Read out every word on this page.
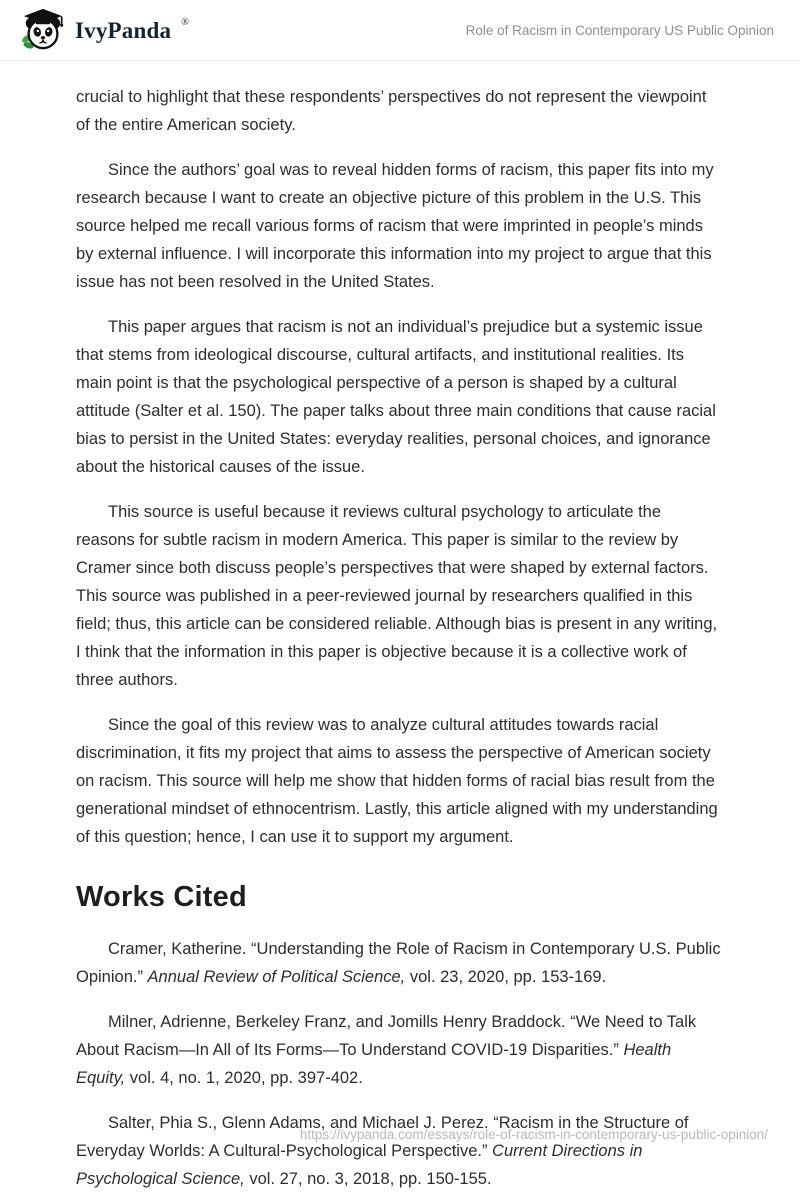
IvyPanda ®
Role of Racism in Contemporary US Public Opinion

crucial to highlight that these respondents’ perspectives do not represent the viewpoint of the entire American society.

Since the authors’ goal was to reveal hidden forms of racism, this paper fits into my research because I want to create an objective picture of this problem in the U.S. This source helped me recall various forms of racism that were imprinted in people’s minds by external influence. I will incorporate this information into my project to argue that this issue has not been resolved in the United States.

This paper argues that racism is not an individual’s prejudice but a systemic issue that stems from ideological discourse, cultural artifacts, and institutional realities. Its main point is that the psychological perspective of a person is shaped by a cultural attitude (Salter et al. 150). The paper talks about three main conditions that cause racial bias to persist in the United States: everyday realities, personal choices, and ignorance about the historical causes of the issue.

This source is useful because it reviews cultural psychology to articulate the reasons for subtle racism in modern America. This paper is similar to the review by Cramer since both discuss people’s perspectives that were shaped by external factors. This source was published in a peer-reviewed journal by researchers qualified in this field; thus, this article can be considered reliable. Although bias is present in any writing, I think that the information in this paper is objective because it is a collective work of three authors.

Since the goal of this review was to analyze cultural attitudes towards racial discrimination, it fits my project that aims to assess the perspective of American society on racism. This source will help me show that hidden forms of racial bias result from the generational mindset of ethnocentrism. Lastly, this article aligned with my understanding of this question; hence, I can use it to support my argument.

Works Cited

Cramer, Katherine. “Understanding the Role of Racism in Contemporary U.S. Public Opinion.” Annual Review of Political Science, vol. 23, 2020, pp. 153-169.

Milner, Adrienne, Berkeley Franz, and Jomills Henry Braddock. “We Need to Talk About Racism—In All of Its Forms—To Understand COVID-19 Disparities.” Health Equity, vol. 4, no. 1, 2020, pp. 397-402.

Salter, Phia S., Glenn Adams, and Michael J. Perez. “Racism in the Structure of Everyday Worlds: A Cultural-Psychological Perspective.” Current Directions in Psychological Science, vol. 27, no. 3, 2018, pp. 150-155.

https://ivypanda.com/essays/role-of-racism-in-contemporary-us-public-opinion/
